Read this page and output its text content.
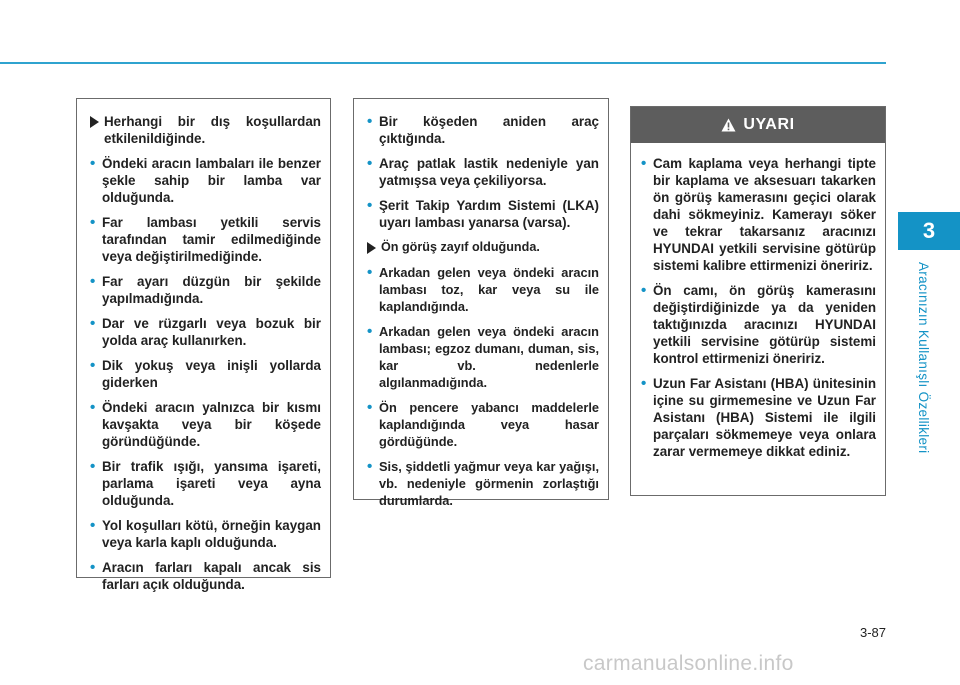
3
Aracınızın Kullanışlı Özellikleri
Herhangi bir dış koşullardan etkilenildiğinde.
• Öndeki aracın lambaları ile benzer şekle sahip bir lamba var olduğunda.
• Far lambası yetkili servis tarafından tamir edilmediğinde veya değiştirilmediğinde.
• Far ayarı düzgün bir şekilde yapılmadığında.
• Dar ve rüzgarlı veya bozuk bir yolda araç kullanırken.
• Dik yokuş veya inişli yollarda giderken
• Öndeki aracın yalnızca bir kısmı kavşakta veya bir köşede göründüğünde.
• Bir trafik ışığı, yansıma işareti, parlama işareti veya ayna olduğunda.
• Yol koşulları kötü, örneğin kaygan veya karla kaplı olduğunda.
• Aracın farları kapalı ancak sis farları açık olduğunda.
• Bir köşeden aniden araç çıktığında.
• Araç patlak lastik nedeniyle yan yatmışsa veya çekiliyorsa.
• Şerit Takip Yardım Sistemi (LKA) uyarı lambası yanarsa (varsa).
Ön görüş zayıf olduğunda.
• Arkadan gelen veya öndeki aracın lambası toz, kar veya su ile kaplandığında.
• Arkadan gelen veya öndeki aracın lambası; egzoz dumanı, duman, sis, kar vb. nedenlerle algılanmadığında.
• Ön pencere yabancı maddelerle kaplandığında veya hasar gördüğünde.
• Sis, şiddetli yağmur veya kar yağışı, vb. nedeniyle görmenin zorlaştığı durumlarda.
UYARI
• Cam kaplama veya herhangi tipte bir kaplama ve aksesuarı takarken ön görüş kamerasını geçici olarak dahi sökmeyiniz. Kamerayı söker ve tekrar takarsanız aracınızı HYUNDAI yetkili servisine götürüp sistemi kalibre ettirmenizi öneririz.
• Ön camı, ön görüş kamerasını değiştirdiğinizde ya da yeniden taktığınızda aracınızı HYUNDAI yetkili servisine götürüp sistemi kontrol ettirmenizi öneririz.
• Uzun Far Asistanı (HBA) ünitesinin içine su girmemesine ve Uzun Far Asistanı (HBA) Sistemi ile ilgili parçaları sökmemeye veya onlara zarar vermemeye dikkat ediniz.
3-87
carmanualsonline.info
